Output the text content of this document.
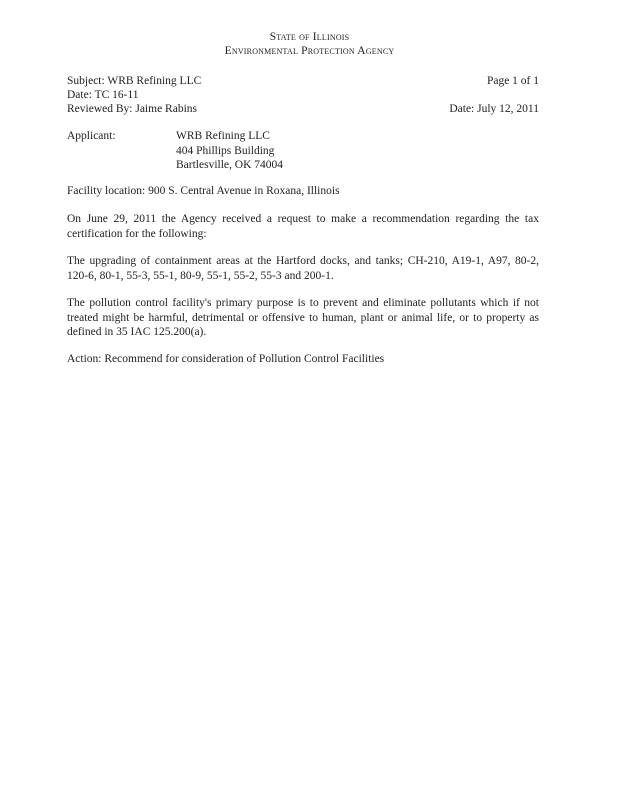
State of Illinois
Environmental Protection Agency
Subject: WRB Refining LLC	Page 1 of 1
Date: TC 16-11
Reviewed By: Jaime Rabins	Date: July 12, 2011
Applicant:	WRB Refining LLC
404 Phillips Building
Bartlesville, OK 74004

Facility location: 900 S. Central Avenue in Roxana, Illinois

On June 29, 2011 the Agency received a request to make a recommendation regarding the tax certification for the following:

The upgrading of containment areas at the Hartford docks, and tanks; CH-210, A19-1, A97, 80-2, 120-6, 80-1, 55-3, 55-1, 80-9, 55-1, 55-2, 55-3 and 200-1.

The pollution control facility's primary purpose is to prevent and eliminate pollutants which if not treated might be harmful, detrimental or offensive to human, plant or animal life, or to property as defined in 35 IAC 125.200(a).

Action: Recommend for consideration of Pollution Control Facilities
